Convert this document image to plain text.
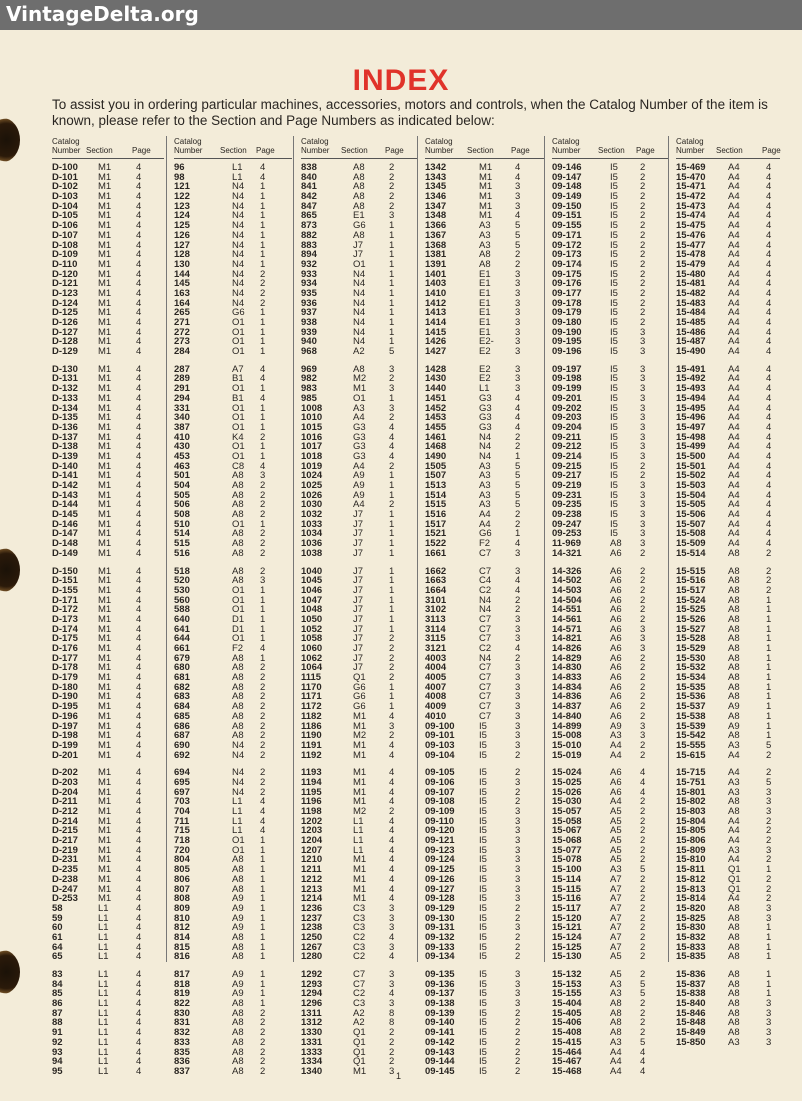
VintageDelta.org
INDEX
To assist you in ordering particular machines, accessories, motors and controls, when the Catalog Number of the item is known, please refer to the Section and Page Numbers as indicated below:
Catalog
Number Section Page
D-100 M1	4
D-101 M1	4
D-102 M1	4
D-103 M1	4
D-104 M1	4
D-105 M1	4
D-106 M1	4
D-107 M1	4
D-108 M1	4
D-109 M1	4
D-110 M1	4
D-120 M1	4
D-121 M1	4
D-123 M1	4
D-124 M1	4
D-125 M1	4
D-126 M1	4
D-127 M1	4
D-128 M1	4
D-129 M1	4
D-130 M1	4
D-131 M1	4
D-132 M1	4
D-133 M1	4
D-134 M1	4
D-135 M1	4
D-136 M1	4
D-137 M1	4
D-138 M1	4
D-139 M1	4
D-140 M1	4
D-141 M1	4
D-142 M1	4
D-143 M1	4
D-144 M1	4
D-145 M1	4
D-146 M1	4
D-147 M1	4
D-148 M1	4
D-149 M1	4
D-150 M1	4
D-151 M1	4
D-155 M1	4
D-171 M1	4
D-172 M1	4
D-173 M1	4
D-174 M1	4
D-175 M1	4
D-176 M1	4
D-177 M1	4
D-178 M1	4
D-179 M1	4
D-180 M1	4
D-190 M1	4
D-195 M1	4
D-196 M1	4
D-197 M1	4
D-198 M1	4
D-199 M1	4
D-201 M1	4
D-202 M1	4
D-203 M1	4
D-204 M1	4
D-211 M1	4
D-212 M1	4
D-214 M1	4
D-215 M1	4
D-217 M1	4
D-219 M1	4
D-231 M1	4
D-235 M1	4
D-238 M1	4
D-247 M1	4
D-253 M1	4
58	L1	4
59	L1	4
60	L1	4
61	L1	4
64	L1	4
65	L1	4
83	L1	4
84	L1	4
85	L1	4
86	L1	4
87	L1	4
88	L1	4
91	L1	4
92	L1	4
93	L1	4
94	L1	4
95	L1	4
Catalog
Number Section Page
96	L1 4
98	L1 4
121	N4 1
122	N4 1
123	N4 1
124	N4 1
125	N4 1
126	N4 1
127	N4 1
128	N4 1
130	N4 1
144	N4 2
145	N4 2
163	N4 2
164	N4 2
265	G6 1
271	O1 1
272	O1 1
273	O1 1
284	O1 1
287	A7 4
289	B1 4
291	O1 1
294	B1 4
331	O1 1
340	O1 1
387	O1 1
410	K4 2
430	O1 1
453	O1 1
463	C8 4
501	A8 3
504	A8 2
505	A8 2
506	A8 2
508	A8 2
510	O1 1
514	A8 2
515	A8 2
516	A8 2
518	A8 2
520	A8 3
530	O1 1
560	O1 1
588	O1 1
640	D1 1
641	D1 1
644	O1 1
661	F2 4
679	A8 1
680	A8 2
681	A8 2
682	A8 2
683	A8 2
684	A8 2
685	A8 2
686	A8 2
687	A8 2
690	N4 2
692	N4 2
694	N4 2
695	N4 2
697	N4 2
703	L1 4
704	L1 4
711	L1 4
715	L1 4
718	O1 1
720	O1 1
804	A8 1
805	A8 1
806	A8 1
807	A8 1
808	A9 1
809	A9 1
810	A9 1
812	A9 1
814	A8 1
815	A8 1
816	A8 1
817	A9 1
818	A9 1
819	A9 1
822	A8 1
830	A8 2
831	A8 2
832	A8 2
833	A8 2
835	A8 2
836	A8 2
837	A8 2
Catalog
Number Section Page
838	A8	2
840	A8	2
841	A8	2
842	A8	2
847	A8	2
865	E1	3
873	G6 1
882	A8	1
883	J7	1
894	J7	1
932	O1 1
933	N4	1
934	N4	1
935	N4	1
936	N4	1
937	N4	1
938	N4	1
939	N4	1
940	N4	1
968	A2	5
969	A8	3
982	M2 2
983	M1 3
985	O1 1
1008	A3	3
1010	A4	2
1015	G3 4
1016	G3 4
1017	G3 4
1018	G3 4
1019	A4	2
1024	A9	1
1025	A9	1
1026	A9	1
1030	A4	2
1032	J7	1
1033	J7	1
1034	J7	1
1036	J7	1
1038	J7	1
1040	J7	1
1045	J7	1
1046	J7	1
1047	J7	1
1048	J7	1
1050	J7	1
1052	J7	1
1058	J7	2
1060	J7	2
1062	J7	2
1064	J7	2
1115	Q1 2
1170	G6 1
1171	G6 1
1172	G6 1
1182	M1 4
1186	M1 3
1190	M2 2
1191	M1 4
1192	M1 4
1193	M1 4
1194	M1 4
1195	M1 4
1196	M1 4
1198	M2 2
1202	L1	4
1203	L1	4
1204	L1	4
1207	L1	4
1210	M1 4
1211	M1 4
1212	M1 4
1213	M1 4
1214	M1 4
1236	C3	3
1237	C3	3
1238	C3	3
1250	C2	4
1267	C3	3
1280	C2	4
1292	C7	3
1293	C7	3
1294	C2	4
1296	C3	3
1311	A2	8
1312	A2	8
1330	Q1 2
1331	Q1 2
1333	Q1 2
1334	Q1 2
1340	M1 3
Catalog
Number Section Page
1342	M1 4
1343	M1 4
1345	M1 3
1346	M1 3
1347	M1 3
1348	M1 4
1366	A3	5
1367	A3	5
1368	A3	5
1381	A8	2
1391	A8	2
1401	E1	3
1403	E1	3
1410	E1	3
1412	E1	3
1413	E1	3
1414	E1	3
1415	E1	3
1426	E2- 3
1427	E2	3
1428	E2	3
1430	E2	3
1440	L1	3
1451	G3 4
1452	G3 4
1453	G3 4
1455	G3 4
1461	N4	2
1468	N4	2
1490	N4	1
1505	A3	5
1507	A3	5
1513	A3	5
1514	A3	5
1515	A3	5
1516	A4	2
1517	A4	2
1521	G6 1
1522	F2	4
1661	C7	3
1662	C7	3
1663	C4	4
1664	C2	4
3101	N4	2
3102	N4	2
3113	C7	3
3114	C7	3
3115	C7	3
3121	C2	4
4003	N4	2
4004	C7	3
4005	C7	3
4007	C7	3
4008	C7	3
4009	C7	3
4010	C7	3
09-100	I5	3
09-101	I5	3
09-103	I5	3
09-104	I5	2
09-105	I5	2
09-106	I5	3
09-107	I5	2
09-108	I5	2
09-109	I5	3
09-110	I5	3
09-120	I5	3
09-121	I5	3
09-123	I5	3
09-124	I5	3
09-125	I5	3
09-126	I5	3
09-127	I5	3
09-128	I5	3
09-129	I5	2
09-130	I5	2
09-131	I5	3
09-132	I5	2
09-133	I5	2
09-134	I5	2
09-135	I5	3
09-136	I5	3
09-137	I5	3
09-138	I5	3
09-139	I5	2
09-140	I5	2
09-141	I5	2
09-142	I5	2
09-143	I5	2
09-144	I5	2
09-145	I5	2
Catalog
Number Section Page
09-146	I5 2
09-147	I5 2
09-148	I5 2
09-149	I5 2
09-150	I5 2
09-151	I5 2
09-155	I5 2
09-171	I5 2
09-172	I5 2
09-173	I5 2
09-174	I5 2
09-175	I5 2
09-176	I5 2
09-177	I5 2
09-178	I5 2
09-179	I5 2
09-180	I5 2
09-190	I5 3
09-195	I5 3
09-196	I5 3
09-197	I5 3
09-198	I5 3
09-199	I5 3
09-201	I5 3
09-202	I5 3
09-203	I5 3
09-204	I5 3
09-211	I5 3
09-212	I5 3
09-214	I5 3
09-215	I5 2
09-217	I5 2
09-219	I5 3
09-231	I5 3
09-235	I5 3
09-238	I5 3
09-247	I5 3
09-253	I5 3
11-969	A8 3
14-321	A6 2
14-326	A6 2
14-502	A6 2
14-503	A6 2
14-504	A6 2
14-551	A6 2
14-561	A6 2
14-571	A6 3
14-821	A6 3
14-826	A6 3
14-829	A6 2
14-830	A6 2
14-833	A6 2
14-834	A6 2
14-836	A6 2
14-837	A6 2
14-840	A6 2
14-899	A9 3
15-008	A3 3
15-010	A4 2
15-019	A4 2
15-024	A6 4
15-025	A6 4
15-026	A6 4
15-030	A4 2
15-057	A5 2
15-058	A5 2
15-067	A5 2
15-068	A5 2
15-077	A5 2
15-078	A5 2
15-100	A3 5
15-114	A7 2
15-115	A7 2
15-116	A7 2
15-117	A7 2
15-120	A7 2
15-121	A7 2
15-124	A7 2
15-125	A7 2
15-130	A5 2
15-132	A5 2
15-153	A3 5
15-155	A3 5
15-404	A8 2
15-405	A8 2
15-406	A8 2
15-408	A8 2
15-415	A3 5
15-464	A4 4
15-467	A4 4
15-468	A4 4
Catalog
Number Section Page
15-469 A4	4
15-470 A4	4
15-471 A4	4
15-472 A4	4
15-473 A4	4
15-474 A4	4
15-475 A4	4
15-476 A4	4
15-477 A4	4
15-478 A4	4
15-479 A4	4
15-480 A4	4
15-481 A4	4
15-482 A4	4
15-483 A4	4
15-484 A4	4
15-485 A4	4
15-486 A4	4
15-487 A4	4
15-490 A4	4
15-491 A4	4
15-492 A4	4
15-493 A4	4
15-494 A4	4
15-495 A4	4
15-496 A4	4
15-497 A4	4
15-498 A4	4
15-499 A4	4
15-500 A4	4
15-501 A4	4
15-502 A4	4
15-503 A4	4
15-504 A4	4
15-505 A4	4
15-506 A4	4
15-507 A4	4
15-508 A4	4
15-509 A4	4
15-514 A8	2
15-515 A8	2
15-516 A8	2
15-517 A8	2
15-524 A8	1
15-525 A8	1
15-526 A8	1
15-527 A8	1
15-528 A8	1
15-529 A8	1
15-530 A8	1
15-532 A8	1
15-534 A8	1
15-535 A8	1
15-536 A8	1
15-537 A9	1
15-538 A8	1
15-539 A9	1
15-542 A8	1
15-555 A3	5
15-615 A4	2
15-715 A4	2
15-751 A3	5
15-801 A3	3
15-802 A8	3
15-803 A8	3
15-804 A4	2
15-805 A4	2
15-806 A4	2
15-809 A3	3
15-810 A4	2
15-811 Q1	1
15-812 Q1	2
15-813 Q1	2
15-814 A4	2
15-820 A8	3
15-825 A8	3
15-830 A8	1
15-832 A8	1
15-833 A8	1
15-835 A8	1
15-836 A8	1
15-837 A8	1
15-838 A8	1
15-840 A8	3
15-846 A8	3
15-848 A8	3
15-849 A8	3
15-850 A3	3
1
